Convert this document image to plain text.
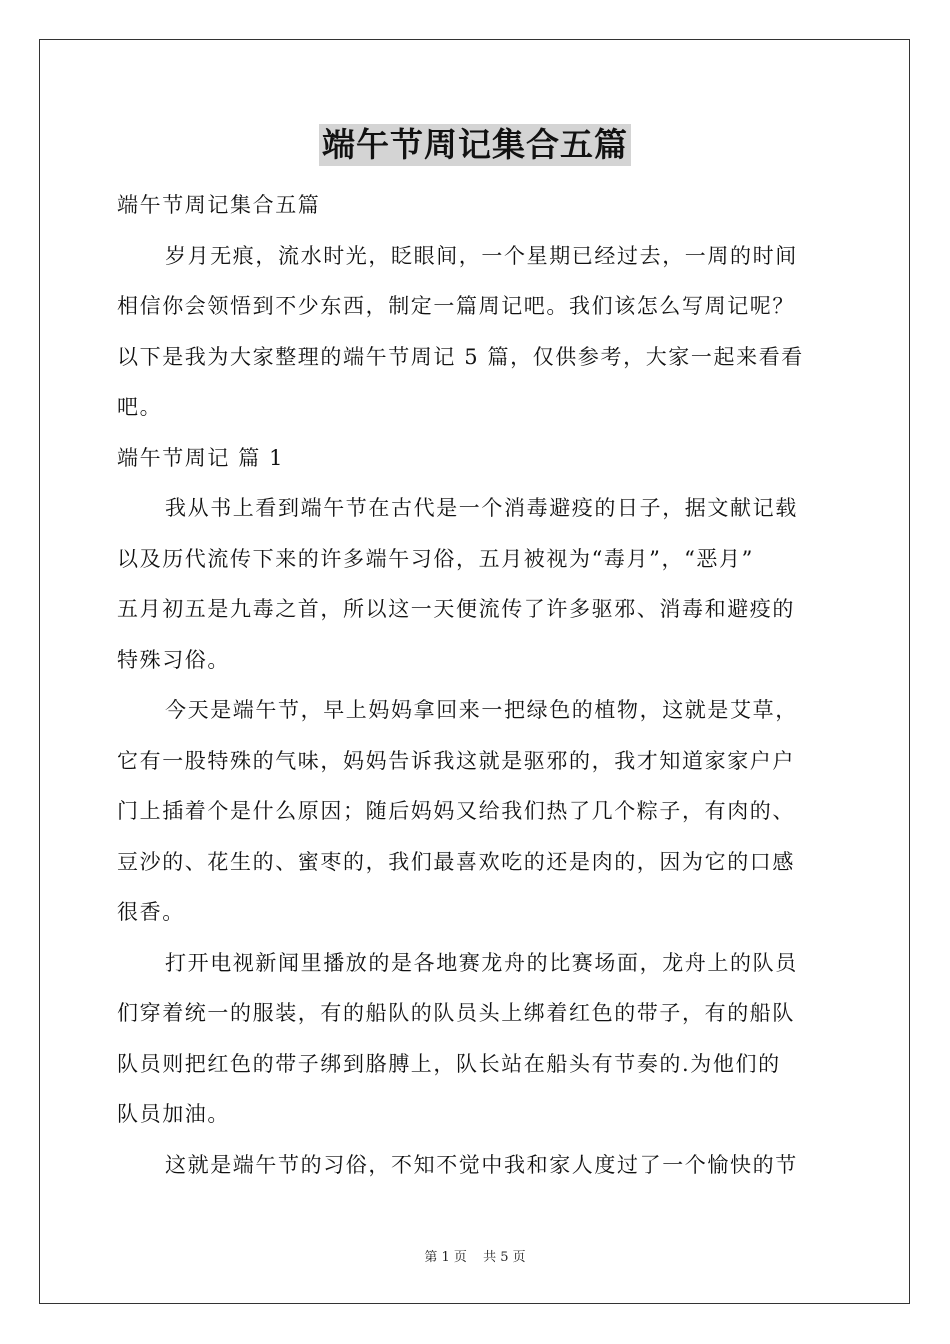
端午节周记集合五篇
端午节周记集合五篇
岁月无痕，流水时光，眨眼间，一个星期已经过去，一周的时间
相信你会领悟到不少东西，制定一篇周记吧。我们该怎么写周记呢？
以下是我为大家整理的端午节周记 5 篇，仅供参考，大家一起来看看
吧。
端午节周记 篇 1
我从书上看到端午节在古代是一个消毒避疫的日子，据文献记载
以及历代流传下来的许多端午习俗，五月被视为“毒月”，“恶月”
五月初五是九毒之首，所以这一天便流传了许多驱邪、消毒和避疫的
特殊习俗。
今天是端午节，早上妈妈拿回来一把绿色的植物，这就是艾草，
它有一股特殊的气味，妈妈告诉我这就是驱邪的，我才知道家家户户
门上插着个是什么原因；随后妈妈又给我们热了几个粽子，有肉的、
豆沙的、花生的、蜜枣的，我们最喜欢吃的还是肉的，因为它的口感
很香。
打开电视新闻里播放的是各地赛龙舟的比赛场面，龙舟上的队员
们穿着统一的服装，有的船队的队员头上绑着红色的带子，有的船队
队员则把红色的带子绑到胳膊上，队长站在船头有节奏的.为他们的
队员加油。
这就是端午节的习俗，不知不觉中我和家人度过了一个愉快的节
第 1 页 共 5 页
